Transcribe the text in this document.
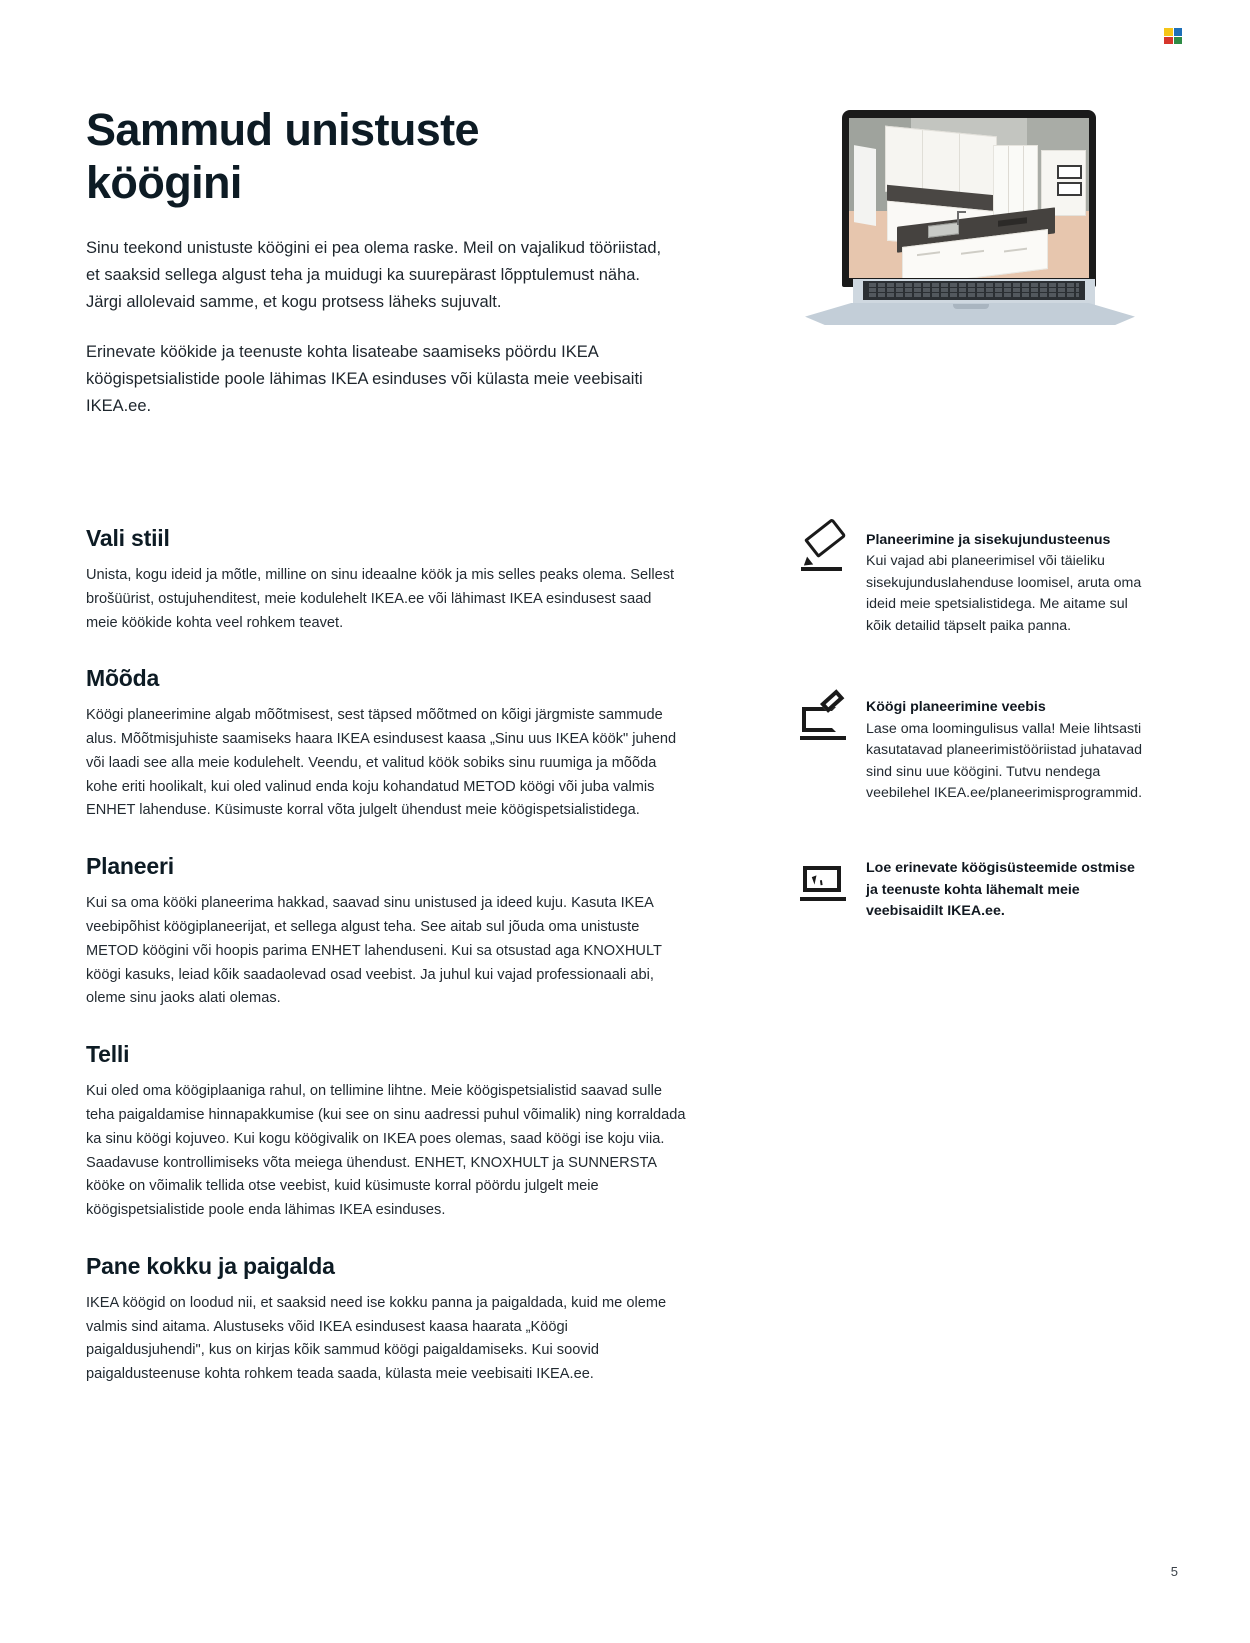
Sammud unistuste köögini

Sinu teekond unistuste köögini ei pea olema raske. Meil on vajalikud tööriistad, et saaksid sellega algust teha ja muidugi ka suurepärast lõpptulemust näha. Järgi allolevaid samme, et kogu protsess läheks sujuvalt.

Erinevate köökide ja teenuste kohta lisateabe saamiseks pöördu IKEA köögispetsialistide poole lähimas IKEA esinduses või külasta meie veebisaiti IKEA.ee.

Vali stiil

Unista, kogu ideid ja mõtle, milline on sinu ideaalne köök ja mis selles peaks olema. Sellest brošüürist, ostujuhenditest, meie kodulehelt IKEA.ee või lähimast IKEA esindusest saad meie köökide kohta veel rohkem teavet.

Mõõda

Köögi planeerimine algab mõõtmisest, sest täpsed mõõtmed on kõigi järgmiste sammude alus. Mõõtmisjuhiste saamiseks haara IKEA esindusest kaasa „Sinu uus IKEA köök" juhend või laadi see alla meie kodulehelt. Veendu, et valitud köök sobiks sinu ruumiga ja mõõda kohe eriti hoolikalt, kui oled valinud enda koju kohandatud METOD köögi või juba valmis ENHET lahenduse. Küsimuste korral võta julgelt ühendust meie köögispetsialistidega.

Planeeri

Kui sa oma kööki planeerima hakkad, saavad sinu unistused ja ideed kuju. Kasuta IKEA veebipõhist köögiplaneerijat, et sellega algust teha. See aitab sul jõuda oma unistuste METOD köögini või hoopis parima ENHET lahenduseni. Kui sa otsustad aga KNOXHULT köögi kasuks, leiad kõik saadaolevad osad veebist. Ja juhul kui vajad professionaali abi, oleme sinu jaoks alati olemas.

Telli

Kui oled oma köögiplaaniga rahul, on tellimine lihtne. Meie köögispetsialistid saavad sulle teha paigaldamise hinnapakkumise (kui see on sinu aadressi puhul võimalik) ning korraldada ka sinu köögi kojuveo. Kui kogu köögivalik on IKEA poes olemas, saad köögi ise koju viia. Saadavuse kontrollimiseks võta meiega ühendust. ENHET, KNOXHULT ja SUNNERSTA kööke on võimalik tellida otse veebist, kuid küsimuste korral pöördu julgelt meie köögispetsialistide poole enda lähimas IKEA esinduses.

Pane kokku ja paigalda

IKEA köögid on loodud nii, et saaksid need ise kokku panna ja paigaldada, kuid me oleme valmis sind aitama. Alustuseks võid IKEA esindusest kaasa haarata „Köögi paigaldusjuhendi", kus on kirjas kõik sammud köögi paigaldamiseks. Kui soovid paigaldusteenuse kohta rohkem teada saada, külasta meie veebisaiti IKEA.ee.

Planeerimine ja sisekujundusteenus

Kui vajad abi planeerimisel või täieliku sisekujunduslahenduse loomisel, aruta oma ideid meie spetsialistidega. Me aitame sul kõik detailid täpselt paika panna.

Köögi planeerimine veebis

Lase oma loomingulisus valla! Meie lihtsasti kasutatavad planeerimistööriistad juhatavad sind sinu uue köögini. Tutvu nendega veebilehel IKEA.ee/planeerimisprogrammid.

Loe erinevate köögisüsteemide ostmise ja teenuste kohta lähemalt meie veebisaidilt IKEA.ee.

5
